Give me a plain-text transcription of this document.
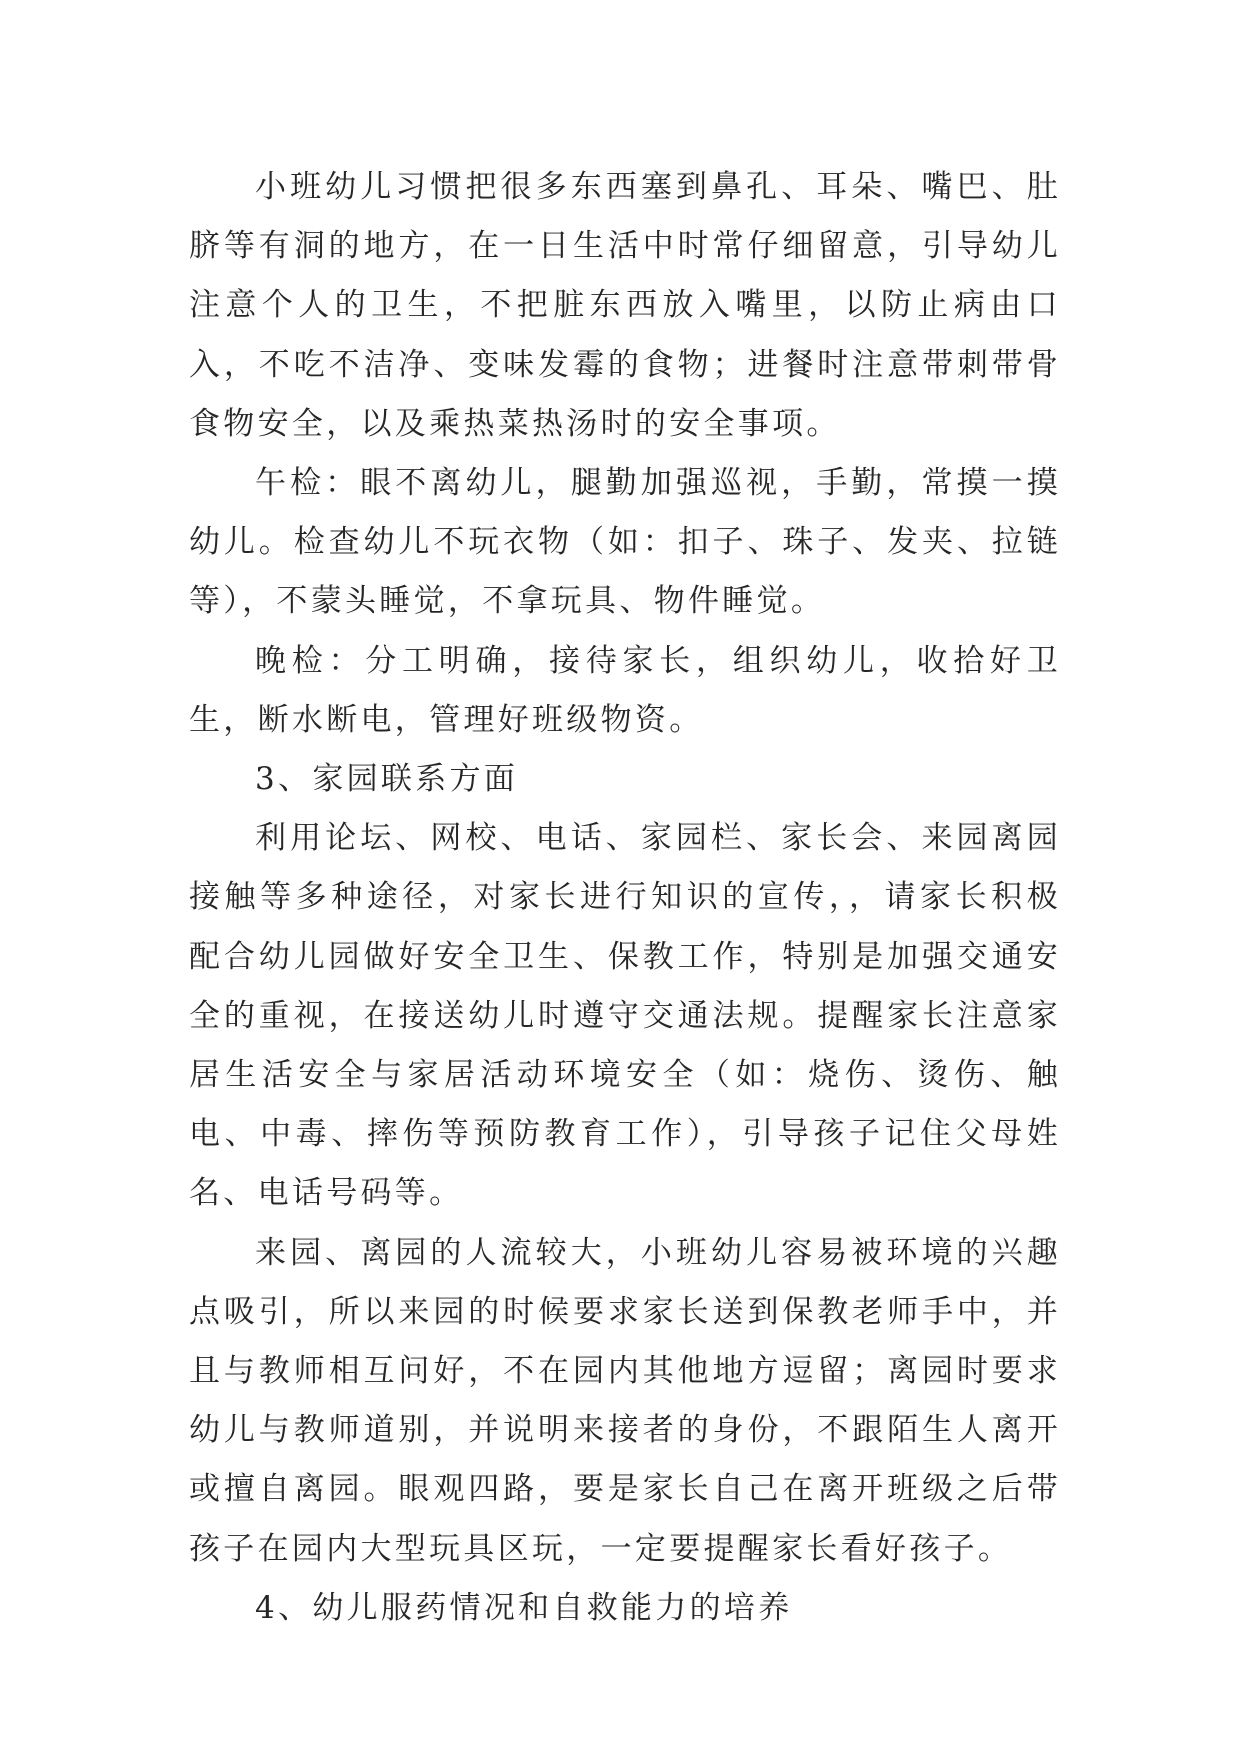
小班幼儿习惯把很多东西塞到鼻孔、耳朵、嘴巴、肚脐等有洞的地方，在一日生活中时常仔细留意，引导幼儿注意个人的卫生，不把脏东西放入嘴里，以防止病由口入，不吃不洁净、变味发霉的食物；进餐时注意带刺带骨食物安全，以及乘热菜热汤时的安全事项。

午检：眼不离幼儿，腿勤加强巡视，手勤，常摸一摸幼儿。检查幼儿不玩衣物（如：扣子、珠子、发夹、拉链等），不蒙头睡觉，不拿玩具、物件睡觉。

晚检：分工明确，接待家长，组织幼儿，收拾好卫生，断水断电，管理好班级物资。

3、家园联系方面

利用论坛、网校、电话、家园栏、家长会、来园离园接触等多种途径，对家长进行知识的宣传，，请家长积极配合幼儿园做好安全卫生、保教工作，特别是加强交通安全的重视，在接送幼儿时遵守交通法规。提醒家长注意家居生活安全与家居活动环境安全（如：烧伤、烫伤、触电、中毒、摔伤等预防教育工作），引导孩子记住父母姓名、电话号码等。

来园、离园的人流较大，小班幼儿容易被环境的兴趣点吸引，所以来园的时候要求家长送到保教老师手中，并且与教师相互问好，不在园内其他地方逗留；离园时要求幼儿与教师道别，并说明来接者的身份，不跟陌生人离开或擅自离园。眼观四路，要是家长自己在离开班级之后带孩子在园内大型玩具区玩，一定要提醒家长看好孩子。

4、幼儿服药情况和自救能力的培养
